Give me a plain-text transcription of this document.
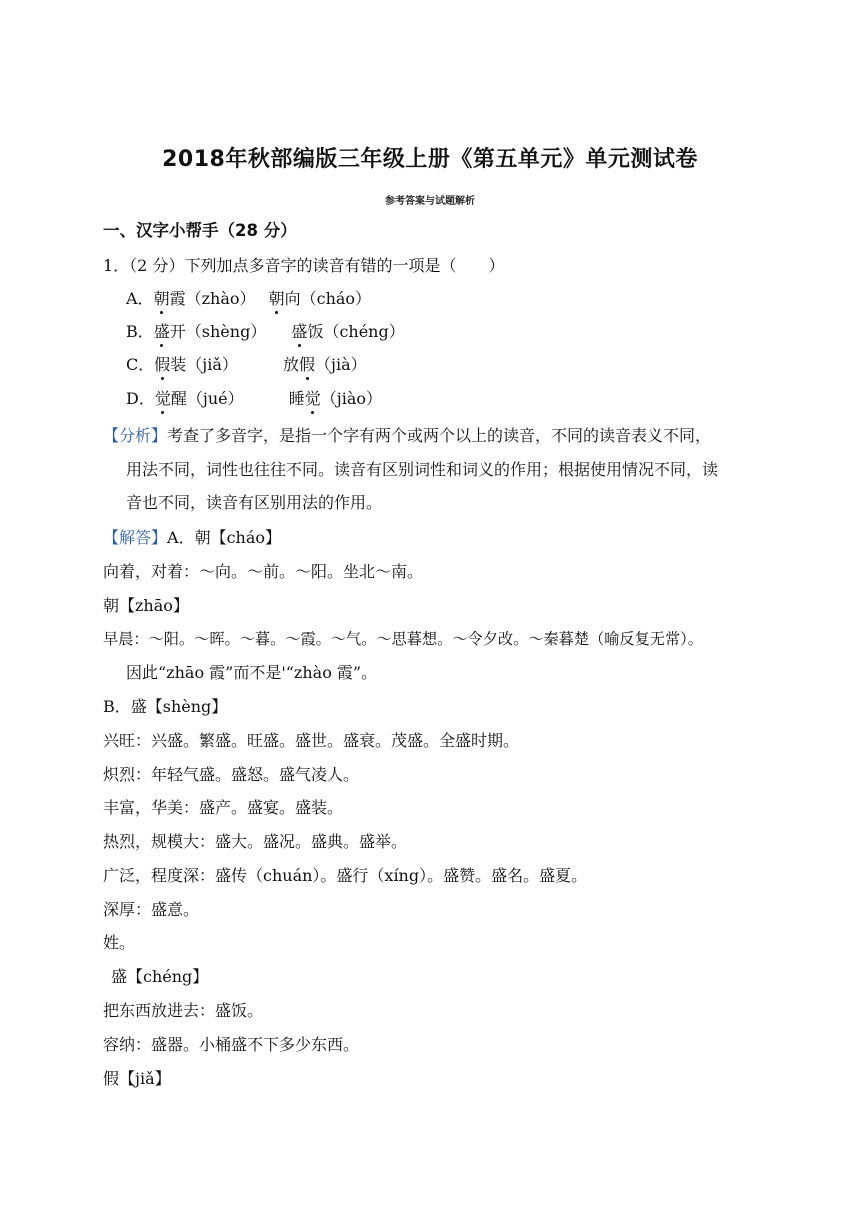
2018年秋部编版三年级上册《第五单元》单元测试卷
参考答案与试题解析
一、汉字小帮手（28 分）
1．（2 分）下列加点多音字的读音有错的一项是（　　）
A．朝霞（zhào） 朝向（cháo）
B．盛开（shèng） 盛饭（chéng）
C．假装（jiǎ）	放假（jià）
D．觉醒（jué）	睡觉（jiào）
【分析】考查了多音字，是指一个字有两个或两个以上的读音，不同的读音表义不同，
用法不同，词性也往往不同。读音有区别词性和词义的作用；根据使用情况不同，读
音也不同，读音有区别用法的作用。
【解答】A．朝【cháo】
向着，对着：～向。～前。～阳。坐北～南。
朝【zhāo】
早晨：～阳。～晖。～暮。～霞。～气。～思暮想。～令夕改。～秦暮楚（喻反复无常）。
因此“zhāo 霞”而不是'“zhào 霞”。
B．盛【shèng】
兴旺：兴盛。繁盛。旺盛。盛世。盛衰。茂盛。全盛时期。
炽烈：年轻气盛。盛怒。盛气凌人。
丰富，华美：盛产。盛宴。盛装。
热烈，规模大：盛大。盛况。盛典。盛举。
广泛，程度深：盛传（chuán）。盛行（xíng）。盛赞。盛名。盛夏。
深厚：盛意。
姓。
盛【chéng】
把东西放进去：盛饭。
容纳：盛器。小桶盛不下多少东西。
假【jiǎ】
